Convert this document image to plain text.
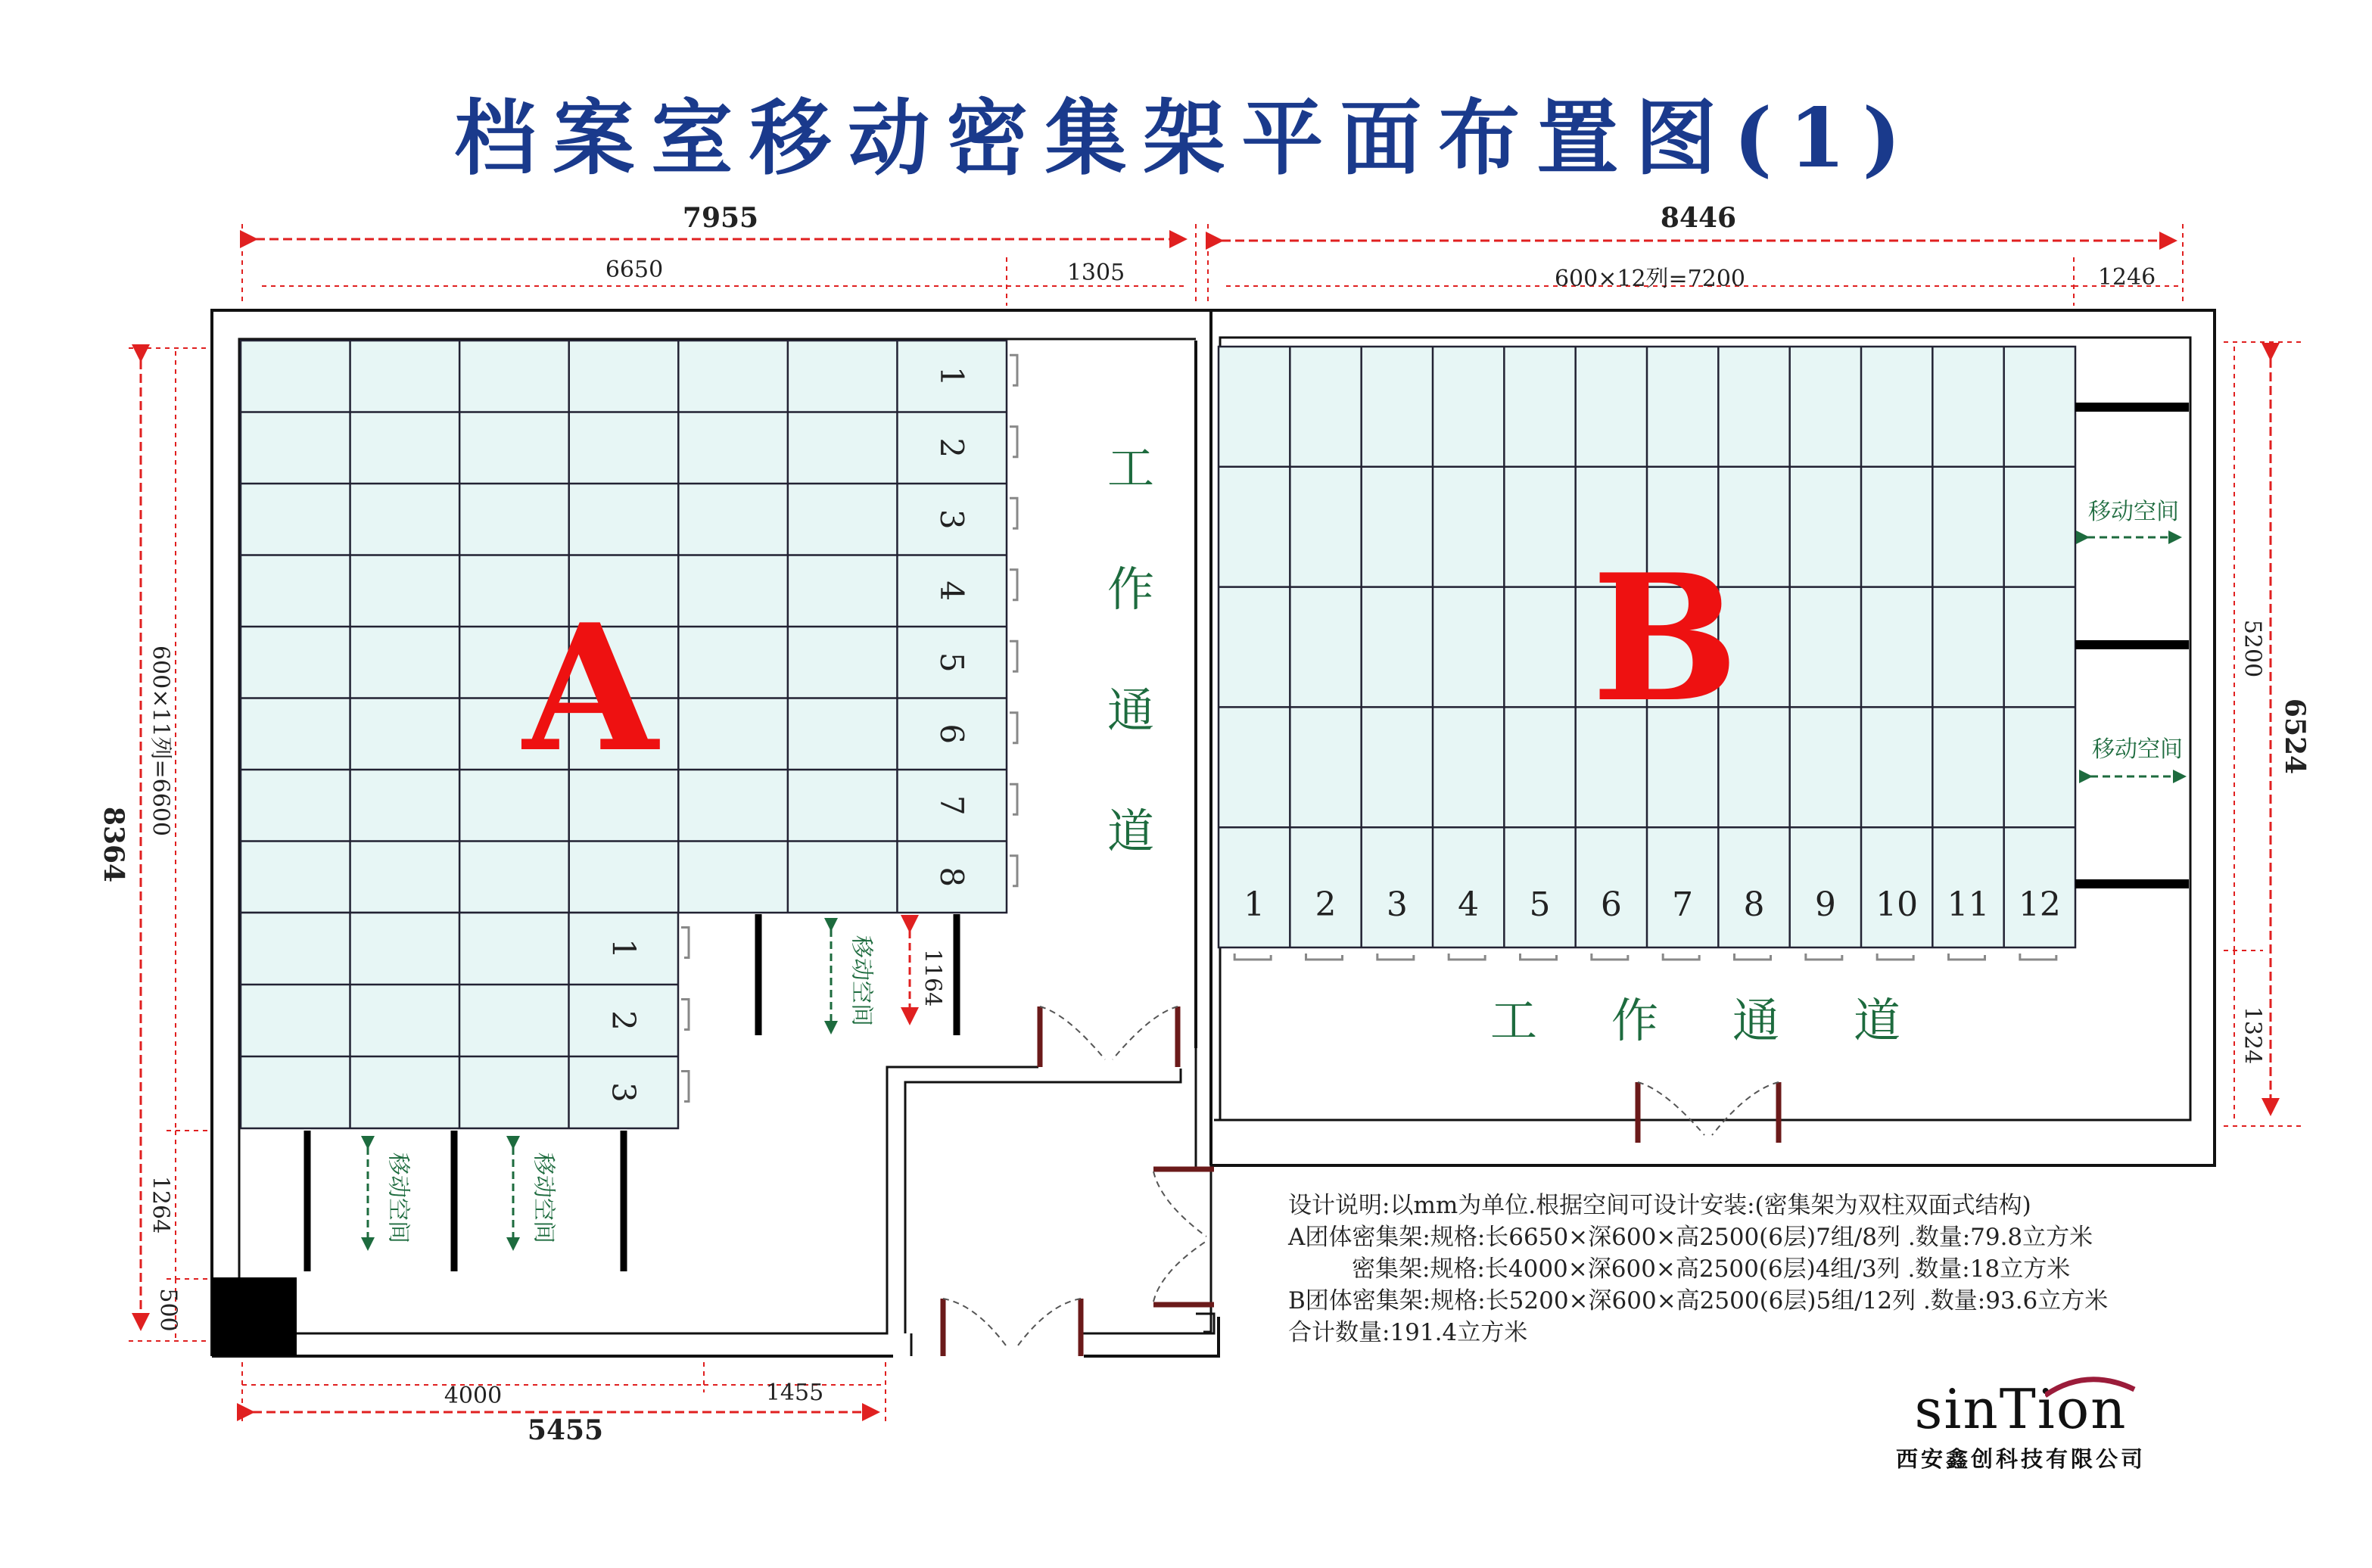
档案室移动密集架平面布置图(1)
1
2
3
4
5
6
7
8
1
2
3
A
工
作
通
道
1 2 3 4 5 6 7 8 9 10 11 12
B
工 作 通 道
移动空间
移动空间	移动空间
移动空间
移动空间
7955
6650	1305
8446
600×12列=7200	1246
8364
600×11列=6600
1264
500
5455
4000	1455
6524
5200
1324
1164
设计说明:以mm为单位.根据空间可设计安装:(密集架为双柱双面式结构)
A团体密集架:规格:长6650×深600×高2500(6层)7组/8列 .数量:79.8立方米
密集架:规格:长4000×深600×高2500(6层)4组/3列 .数量:18立方米
B团体密集架:规格:长5200×深600×高2500(6层)5组/12列 .数量:93.6立方米
合计数量:191.4立方米
sinTion
西安鑫创科技有限公司
